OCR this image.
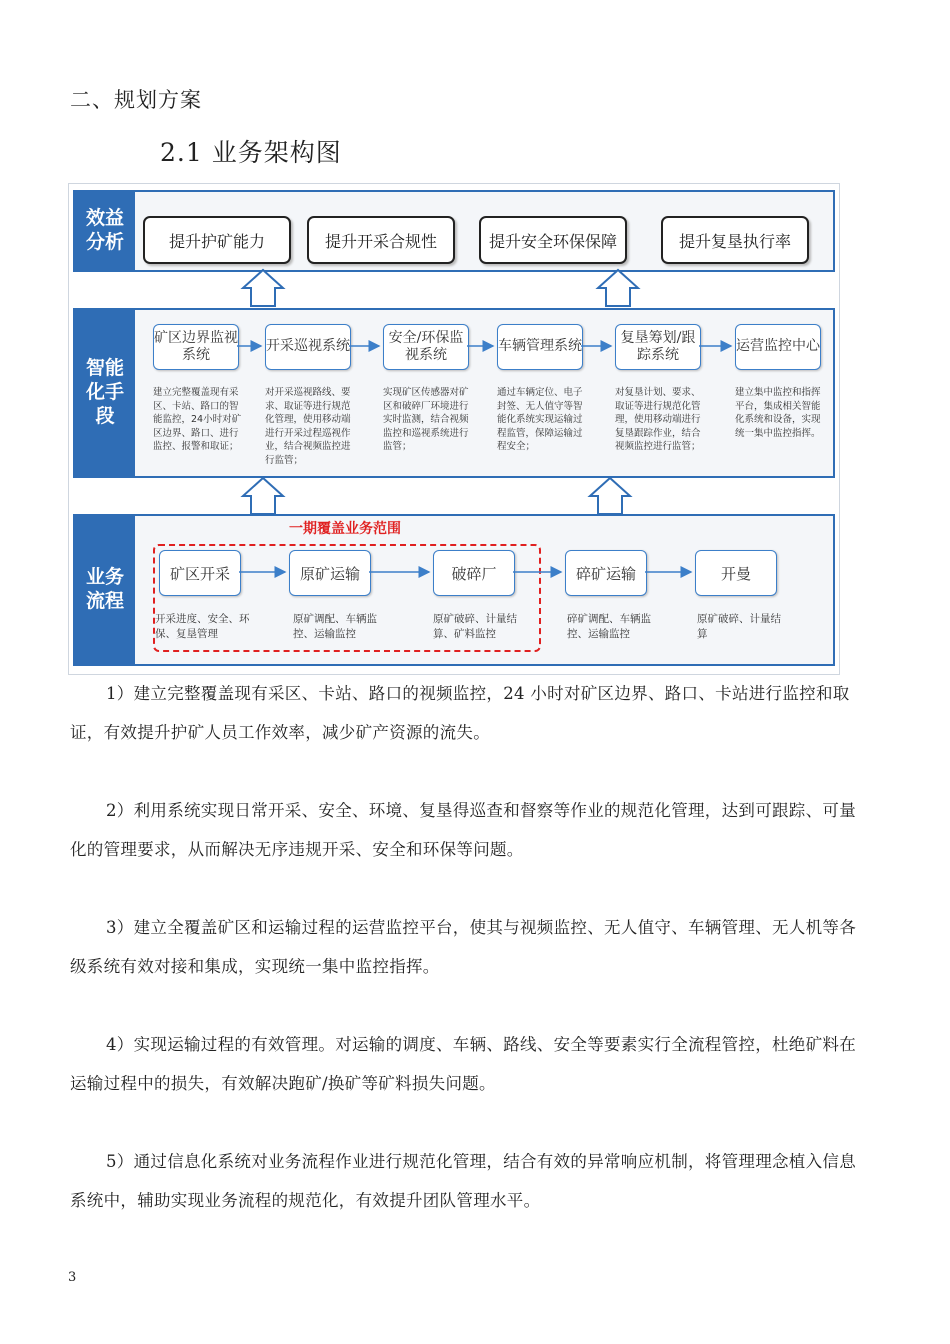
二、规划方案
2.1 业务架构图
效益分析	提升护矿能力	提升开采合规性	提升安全环保保障	提升复垦执行率
智能化手段
矿区边界监视系统
开采巡视系统
安全/环保监视系统
车辆管理系统
复垦筹划/跟踪系统
运营监控中心
建立完整覆盖现有采区、卡站、路口的智能监控，24小时对矿区边界、路口、进行监控、报警和取证；
对开采巡视路线、要求、取证等进行规范化管理，使用移动端进行开采过程巡视作业，结合视频监控进行监管；
实现矿区传感器对矿区和破碎厂环境进行实时监测，结合视频监控和巡视系统进行监管；
通过车辆定位、电子封签、无人值守等智能化系统实现运输过程监管，保障运输过程安全；
对复垦计划、要求、取证等进行规范化管理，使用移动端进行复垦跟踪作业，结合视频监控进行监管；
建立集中监控和指挥平台，集成相关智能化系统和设备，实现统一集中监控指挥。
业务流程
一期覆盖业务范围
矿区开采	原矿运输	破碎厂	碎矿运输	开曼
开采进度、安全、环保、复垦管理
原矿调配、车辆监控、运输监控
原矿破碎、计量结算、矿料监控
碎矿调配、车辆监控、运输监控
原矿破碎、计量结算
1）建立完整覆盖现有采区、卡站、路口的视频监控，24 小时对矿区边界、路口、卡站进行监控和取证，有效提升护矿人员工作效率，减少矿产资源的流失。
2）利用系统实现日常开采、安全、环境、复垦得巡查和督察等作业的规范化管理，达到可跟踪、可量化的管理要求，从而解决无序违规开采、安全和环保等问题。
3）建立全覆盖矿区和运输过程的运营监控平台，使其与视频监控、无人值守、车辆管理、无人机等各级系统有效对接和集成，实现统一集中监控指挥。
4）实现运输过程的有效管理。对运输的调度、车辆、路线、安全等要素实行全流程管控，杜绝矿料在运输过程中的损失，有效解决跑矿/换矿等矿料损失问题。
5）通过信息化系统对业务流程作业进行规范化管理，结合有效的异常响应机制，将管理理念植入信息系统中，辅助实现业务流程的规范化，有效提升团队管理水平。
3
